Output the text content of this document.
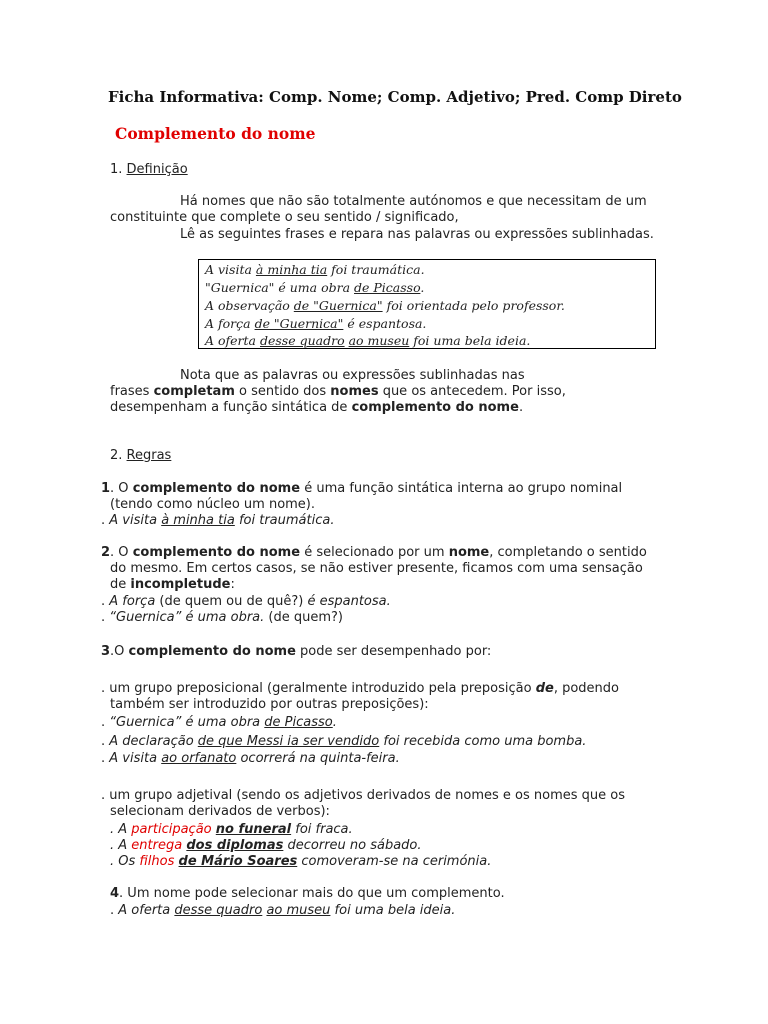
Ficha Informativa: Comp. Nome; Comp. Adjetivo; Pred. Comp Direto
Complemento do nome
1. Definição
Há nomes que não são totalmente autónomos e que necessitam de um
constituinte que complete o seu sentido / significado,
Lê as seguintes frases e repara nas palavras ou expressões sublinhadas.
A visita à minha tia foi traumática.
"Guernica" é uma obra de Picasso.
A observação de "Guernica" foi orientada pelo professor.
A força de "Guernica" é espantosa.
A oferta desse quadro ao museu foi uma bela ideia.
Nota que as palavras ou expressões sublinhadas nas
frases completam o sentido dos nomes que os antecedem. Por isso,
desempenham a função sintática de complemento do nome.
2. Regras
1. O complemento do nome é uma função sintática interna ao grupo nominal
(tendo como núcleo um nome).
. A visita à minha tia foi traumática.
2. O complemento do nome é selecionado por um nome, completando o sentido
do mesmo. Em certos casos, se não estiver presente, ficamos com uma sensação
de incompletude:
. A força (de quem ou de quê?) é espantosa.
. “Guernica” é uma obra. (de quem?)
3.O complemento do nome pode ser desempenhado por:
. um grupo preposicional (geralmente introduzido pela preposição de, podendo
também ser introduzido por outras preposições):
. “Guernica” é uma obra de Picasso.
. A declaração de que Messi ia ser vendido foi recebida como uma bomba.
. A visita ao orfanato ocorrerá na quinta-feira.
. um grupo adjetival (sendo os adjetivos derivados de nomes e os nomes que os
selecionam derivados de verbos):
. A participação no funeral foi fraca.
. A entrega dos diplomas decorreu no sábado.
. Os filhos de Mário Soares comoveram-se na cerimónia.
4. Um nome pode selecionar mais do que um complemento.
. A oferta desse quadro ao museu foi uma bela ideia.
